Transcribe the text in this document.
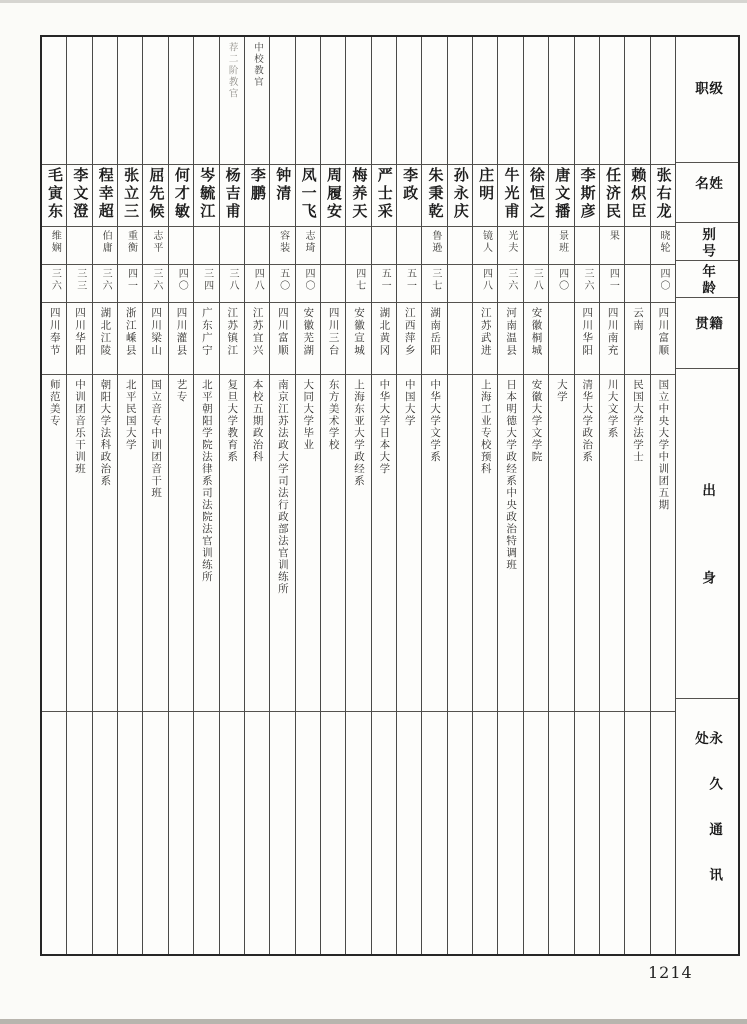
毛寅东
维娴
三六
四川奉节
师范美专
李文澄
三三
四川华阳
中训团音乐干训班
程幸超
伯庸
三六
湖北江陵
朝阳大学法科政治系
张立三
重衡
四一
浙江嵊县
北平民国大学
屈先候
志平
三六
四川梁山
国立音专中训团音干班
何才敏
四〇
四川灌县
艺专
岑毓江
三四
广东广宁
北平朝阳学院法律系司法院法官训练所
荐二阶教官
杨吉甫
三八
江苏镇江
复旦大学教育系
中校教官
李鹏
四八
江苏宜兴
本校五期政治科
钟清
容装
五〇
四川富顺
南京江苏法政大学司法行政部法官训练所
凤一飞
志琦
四〇
安徽芜湖
大同大学毕业
周履安
四川三台
东方美术学校
梅养天
四七
安徽宣城
上海东亚大学政经系
严士采
五一
湖北黄冈
中华大学日本大学
李政
五一
江西萍乡
中国大学
朱秉乾
鲁逊
三七
湖南岳阳
中华大学文学系
孙永庆 庄明
镜人
四八
江苏武进
上海工业专校预科
牛光甫
光夫
三六
河南温县
日本明德大学政经系中央政治特调班
徐恒之
三八
安徽桐城
安徽大学文学院
唐文播
景班
四〇
大学
李斯彦
三六
四川华阳
清华大学政治系
任济民
果
四一
四川南充
川大文学系
赖炽臣
云南
民国大学法学士
张右龙
晓轮
四〇
四川富顺
国立中央大学中训团五期
级职
姓名
别号
年龄
籍贯
出身
永久通讯处
1214
